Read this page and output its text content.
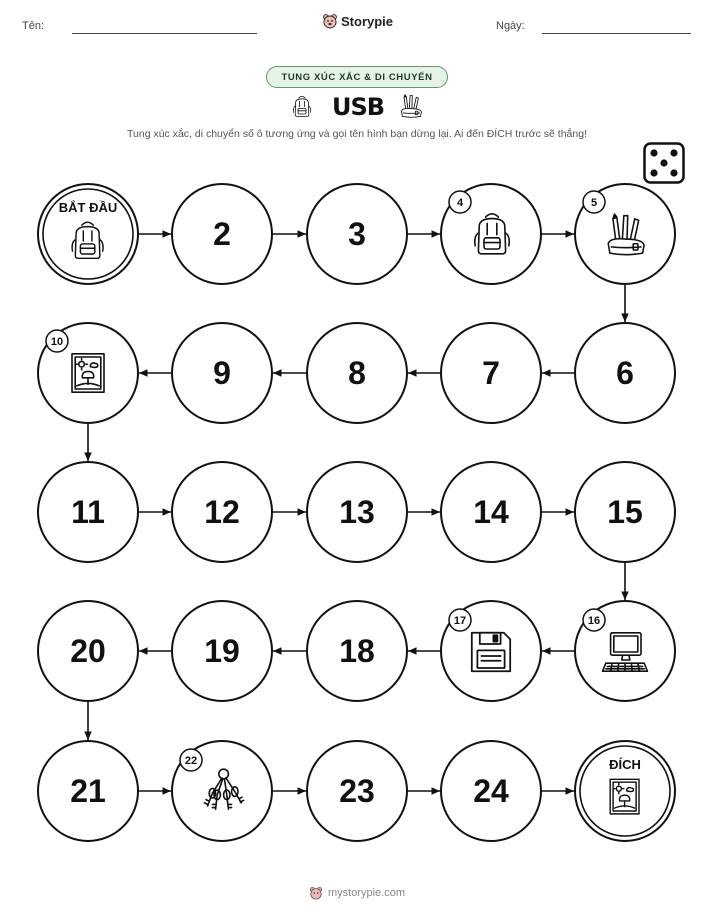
Tên:	Storypie	Ngày:
TUNG XÚC XẮC & DI CHUYỂN
USB
Tung xúc xắc, di chuyển số ô tương ứng và gọi tên hình bạn dừng lại. Ai đến ĐÍCH trước sẽ thắng!
BẮT ĐẦU
2	3
4	5
6
7
8
9
10
11	12	13	14	15
16
17
18
19
20
21
22
23	24
ĐÍCH
mystorypie.com
